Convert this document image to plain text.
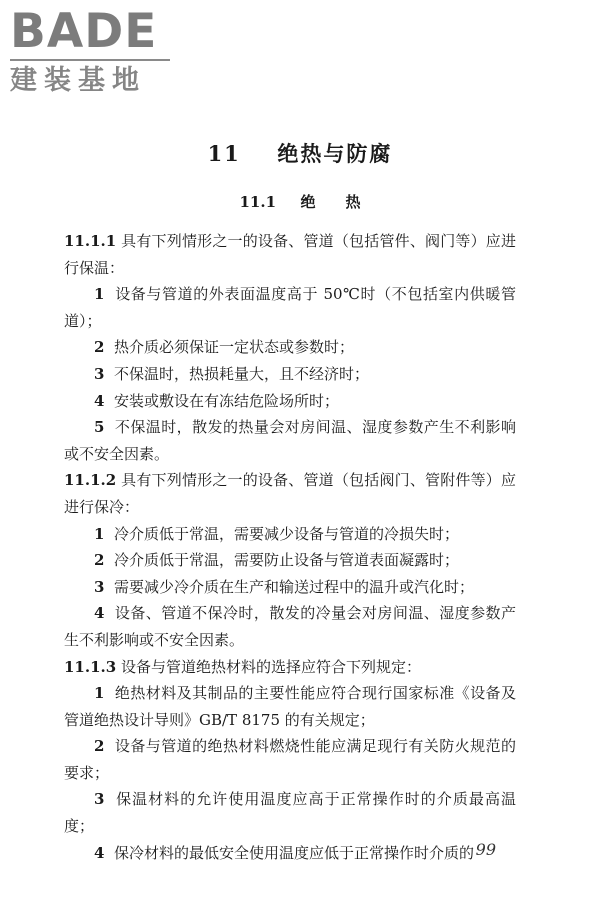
BADE
建装基地
11 绝热与防腐
11.1 绝 热

11.1.1 具有下列情形之一的设备、管道（包括管件、阀门等）应进行保温：

1 设备与管道的外表面温度高于 50℃时（不包括室内供暖管道）；

2 热介质必须保证一定状态或参数时；

3 不保温时，热损耗量大，且不经济时；

4 安装或敷设在有冻结危险场所时；

5 不保温时，散发的热量会对房间温、湿度参数产生不利影响或不安全因素。

11.1.2 具有下列情形之一的设备、管道（包括阀门、管附件等）应进行保冷：

1 冷介质低于常温，需要减少设备与管道的冷损失时；

2 冷介质低于常温，需要防止设备与管道表面凝露时；

3 需要减少冷介质在生产和输送过程中的温升或汽化时；

4 设备、管道不保冷时，散发的冷量会对房间温、湿度参数产生不利影响或不安全因素。

11.1.3 设备与管道绝热材料的选择应符合下列规定：

1 绝热材料及其制品的主要性能应符合现行国家标准《设备及管道绝热设计导则》GB/T 8175 的有关规定；

2 设备与管道的绝热材料燃烧性能应满足现行有关防火规范的要求；

3 保温材料的允许使用温度应高于正常操作时的介质最高温度；

4 保冷材料的最低安全使用温度应低于正常操作时介质的 99
